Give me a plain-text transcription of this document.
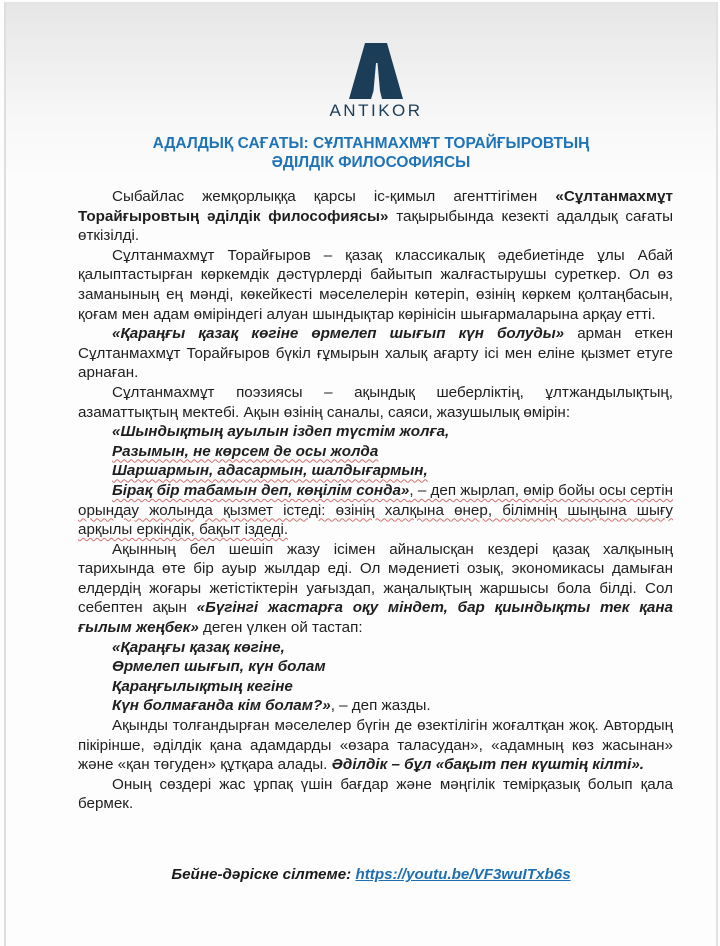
ANTIKOR
АДАЛДЫҚ САҒАТЫ: СҰЛТАНМАХМҰТ ТОРАЙҒЫРОВТЫҢ
ӘДІЛДІК ФИЛОСОФИЯСЫ

Сыбайлас жемқорлыққа қарсы іс-қимыл агенттігімен «Сұлтанмахмұт Торайғыровтың әділдік философиясы» тақырыбында кезекті адалдық сағаты өткізілді.

Сұлтанмахмұт Торайғыров – қазақ классикалық әдебиетінде ұлы Абай қалыптастырған көркемдік дәстүрлерді байытып жалғастырушы суреткер. Ол өз заманының ең мәнді, көкейкесті мәселелерін көтеріп, өзінің көркем қолтаңбасын, қоғам мен адам өміріндегі алуан шындықтар көрінісін шығармаларына арқау етті.

«Қараңғы қазақ көгіне өрмелеп шығып күн болуды» арман еткен Сұлтанмахмұт Торайғыров бүкіл ғұмырын халық ағарту ісі мен еліне қызмет етуге арнаған.

Сұлтанмахмұт поэзиясы – ақындық шеберліктің, ұлтжандылықтың, азаматтықтың мектебі. Ақын өзінің саналы, саяси, жазушылық өмірін:

«Шындықтың ауылын іздеп түстім жолға,

Разымын, не көрсем де осы жолда

Шаршармын, адасармын, шалдығармын,

Бірақ бір табамын деп, көңілім сонда», – деп жырлап, өмір бойы осы сертін орындау жолында қызмет істеді: өзінің халқына өнер, білімнің шыңына шығу арқылы еркіндік, бақыт іздеді.

Ақынның бел шешіп жазу ісімен айналысқан кездері қазақ халқының тарихында өте бір ауыр жылдар еді. Ол мәдениеті озық, экономикасы дамыған елдердің жоғары жетістіктерін уағыздап, жаңалықтың жаршысы бола білді. Сол себептен ақын «Бүгінгі жастарға оқу міндет, бар қиындықты тек қана ғылым жеңбек» деген үлкен ой тастап:

«Қараңғы қазақ көгіне,

Өрмелеп шығып, күн болам

Қараңғылықтың кегіне

Күн болмағанда кім болам?», – деп жазды.

Ақынды толғандырған мәселелер бүгін де өзектілігін жоғалтқан жоқ. Автордың пікірінше, әділдік қана адамдарды «өзара таласудан», «адамның көз жасынан» және «қан төгуден» құтқара алады. Әділдік – бұл «бақыт пен күштің кілті».

Оның сөздері жас ұрпақ үшін бағдар және мәңгілік темірқазық болып қала бермек.

Бейне-дәріске сілтеме: https://youtu.be/VF3wuITxb6s
